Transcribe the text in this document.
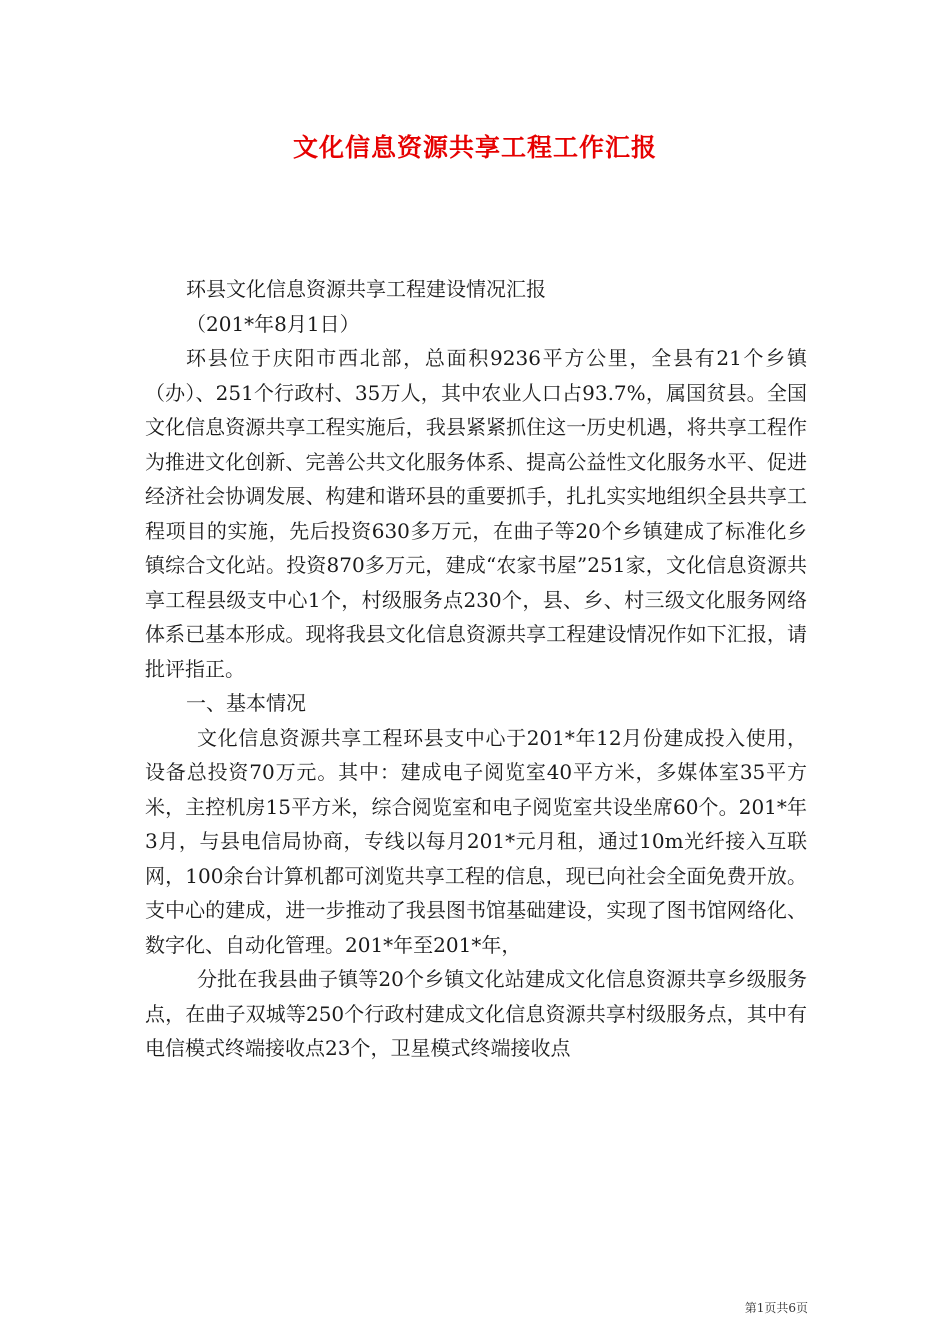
文化信息资源共享工程工作汇报

环县文化信息资源共享工程建设情况汇报

（201*年8月1日）

环县位于庆阳市西北部，总面积9236平方公里，全县有21个乡镇（办）、251个行政村、35万人，其中农业人口占93.7%，属国贫县。全国文化信息资源共享工程实施后，我县紧紧抓住这一历史机遇，将共享工程作为推进文化创新、完善公共文化服务体系、提高公益性文化服务水平、促进经济社会协调发展、构建和谐环县的重要抓手，扎扎实实地组织全县共享工程项目的实施，先后投资630多万元，在曲子等20个乡镇建成了标准化乡镇综合文化站。投资870多万元，建成“农家书屋”251家，文化信息资源共享工程县级支中心1个，村级服务点230个，县、乡、村三级文化服务网络体系已基本形成。现将我县文化信息资源共享工程建设情况作如下汇报，请批评指正。

一、基本情况

文化信息资源共享工程环县支中心于201*年12月份建成投入使用，设备总投资70万元。其中：建成电子阅览室40平方米，多媒体室35平方米，主控机房15平方米，综合阅览室和电子阅览室共设坐席60个。201*年3月，与县电信局协商，专线以每月201*元月租，通过10m光纤接入互联网，100余台计算机都可浏览共享工程的信息，现已向社会全面免费开放。支中心的建成，进一步推动了我县图书馆基础建设，实现了图书馆网络化、数字化、自动化管理。201*年至201*年，

分批在我县曲子镇等20个乡镇文化站建成文化信息资源共享乡级服务点，在曲子双城等250个行政村建成文化信息资源共享村级服务点，其中有电信模式终端接收点23个，卫星模式终端接收点

第1页共6页
